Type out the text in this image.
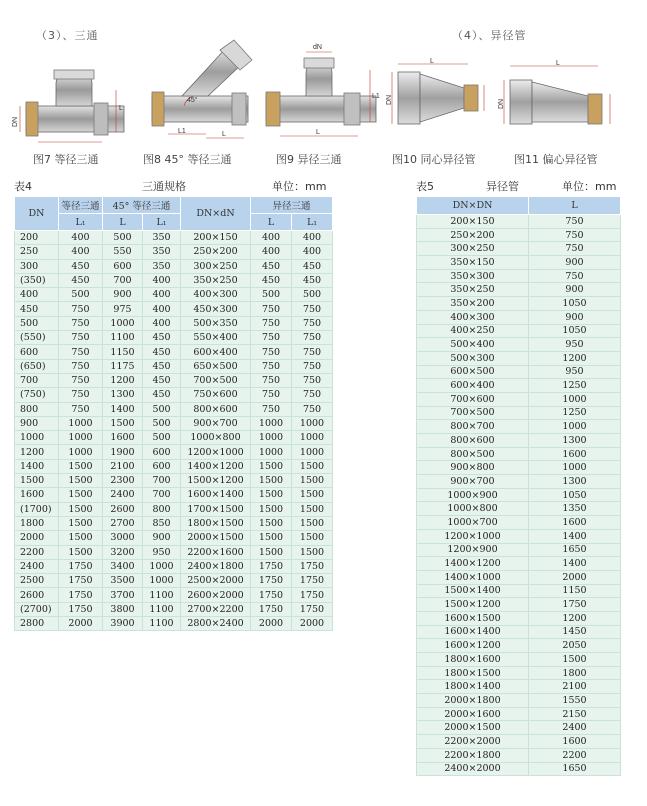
（3）、三通	（4）、异径管
DN
L
图7 等径三通
45°
L1	L
图8 45° 等径三通
dN
L1
L
图9 异径三通
DN
L
图10 同心异径管
DN
L
图11 偏心异径管
表4	三通规格	单位：mm
DN	等径三通	45° 等径三通		DN×dN	异径三通	
	L₁	L	L₁		L	L₁
200	400	500	350	200×150	400	400
250	400	550	350	250×200	400	400
300	450	600	350	300×250	450	450
(350)	450	700	400	350×250	450	450
400	500	900	400	400×300	500	500
450	750	975	400	450×300	750	750
500	750	1000	400	500×350	750	750
(550)	750	1100	450	550×400	750	750
600	750	1150	450	600×400	750	750
(650)	750	1175	450	650×500	750	750
700	750	1200	450	700×500	750	750
(750)	750	1300	450	750×600	750	750
800	750	1400	500	800×600	750	750
900	1000	1500	500	900×700	1000	1000
1000	1000	1600	500	1000×800	1000	1000
1200	1000	1900	600	1200×1000	1000	1000
1400	1500	2100	600	1400×1200	1500	1500
1500	1500	2300	700	1500×1200	1500	1500
1600	1500	2400	700	1600×1400	1500	1500
(1700)	1500	2600	800	1700×1500	1500	1500
1800	1500	2700	850	1800×1500	1500	1500
2000	1500	3000	900	2000×1500	1500	1500
2200	1500	3200	950	2200×1600	1500	1500
2400	1750	3400	1000	2400×1800	1750	1750
2500	1750	3500	1000	2500×2000	1750	1750
2600	1750	3700	1100	2600×2000	1750	1750
(2700)	1750	3800	1100	2700×2200	1750	1750
2800	2000	3900	1100	2800×2400	2000	2000
表5	异径管	单位：mm
DN×DN	L
200×150	750
250×200	750
300×250	750
350×150	900
350×300	750
350×250	900
350×200	1050
400×300	900
400×250	1050
500×400	950
500×300	1200
600×500	950
600×400	1250
700×600	1000
700×500	1250
800×700	1000
800×600	1300
800×500	1600
900×800	1000
900×700	1300
1000×900	1050
1000×800	1350
1000×700	1600
1200×1000	1400
1200×900	1650
1400×1200	1400
1400×1000	2000
1500×1400	1150
1500×1200	1750
1600×1500	1200
1600×1400	1450
1600×1200	2050
1800×1600	1500
1800×1500	1800
1800×1400	2100
2000×1800	1550
2000×1600	2150
2000×1500	2400
2200×2000	1600
2200×1800	2200
2400×2000	1650
